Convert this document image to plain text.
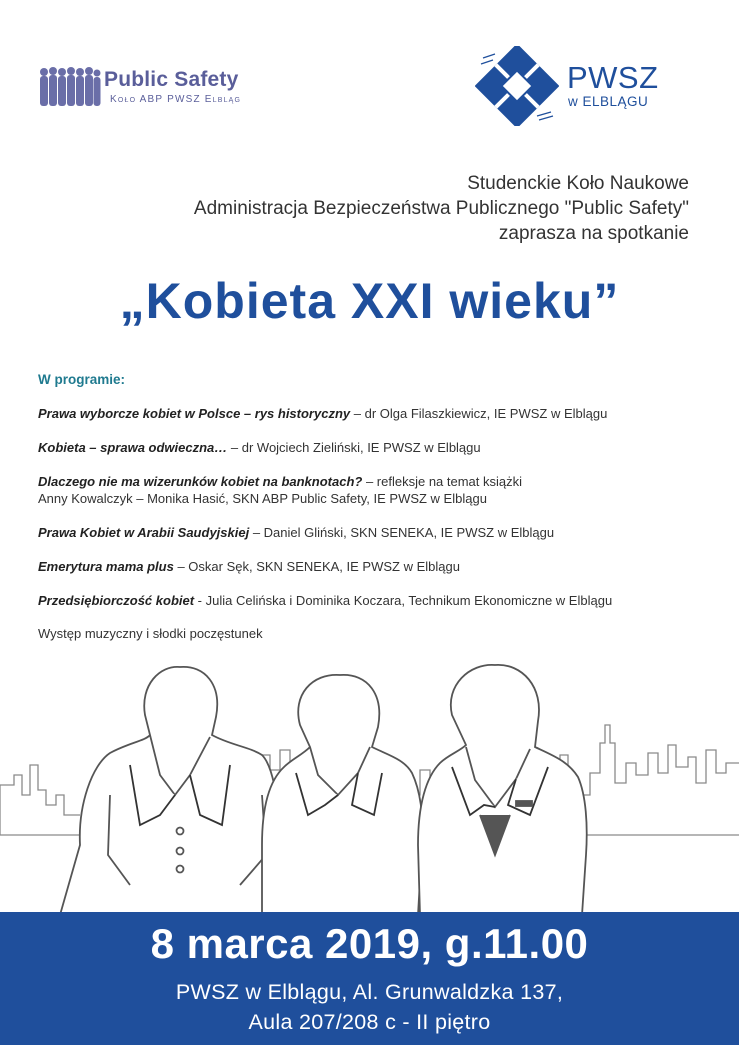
Public Safety
Koło ABP PWSZ Elbląg
PWSZ
w ELBLĄGU
Studenckie Koło Naukowe
Administracja Bezpieczeństwa Publicznego "Public Safety"
zaprasza na spotkanie
„Kobieta XXI wieku”
W programie:
Prawa wyborcze kobiet w Polsce – rys historyczny – dr Olga Filaszkiewicz, IE PWSZ w Elblągu
Kobieta – sprawa odwieczna… – dr Wojciech Zieliński, IE PWSZ w Elblągu
Dlaczego nie ma wizerunków kobiet na banknotach? – refleksje na temat książki
Anny Kowalczyk – Monika Hasić, SKN ABP Public Safety, IE PWSZ w Elblągu
Prawa Kobiet w Arabii Saudyjskiej – Daniel Gliński, SKN SENEKA, IE PWSZ w Elblągu
Emerytura mama plus – Oskar Sęk, SKN SENEKA, IE PWSZ w Elblągu
Przedsiębiorczość kobiet - Julia Celińska i Dominika Koczara, Technikum Ekonomiczne w Elblągu
Występ muzyczny i słodki poczęstunek
8 marca 2019, g.11.00
PWSZ w Elblągu, Al. Grunwaldzka 137,
Aula 207/208 c - II piętro
